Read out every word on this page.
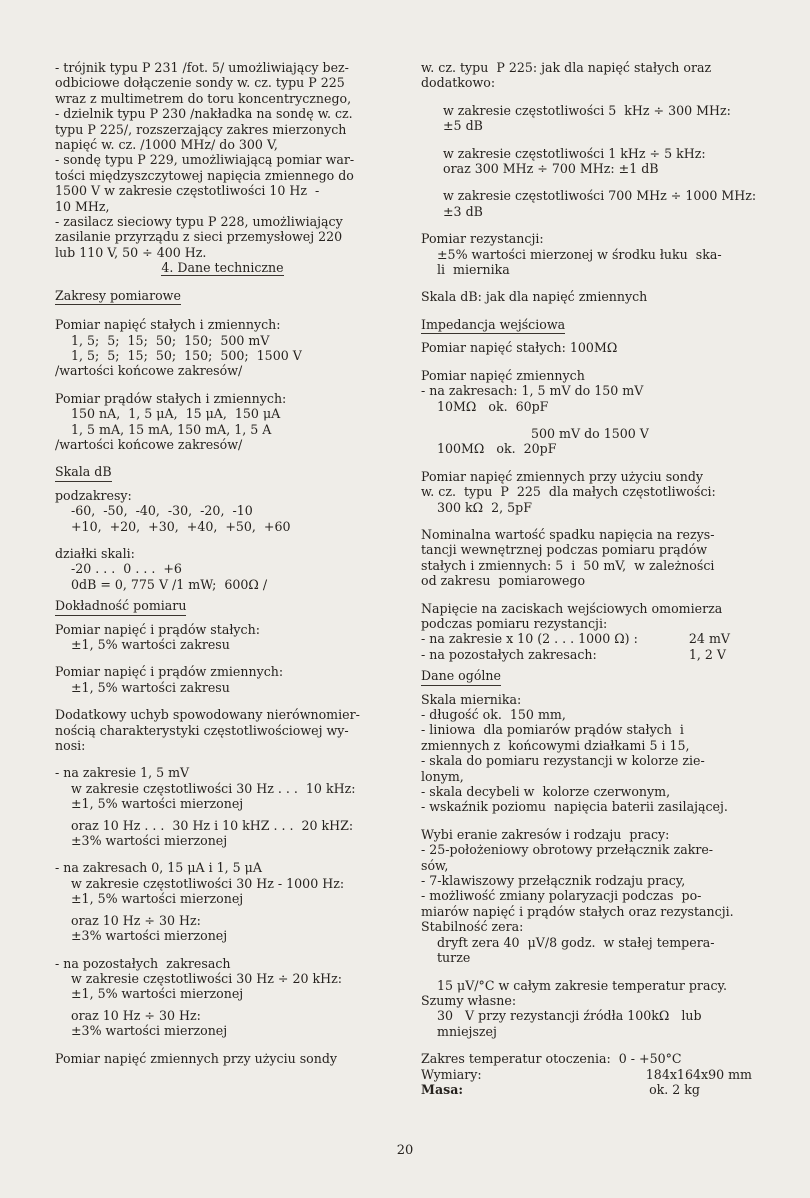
- trójnik typu P 231 /fot. 5/ umożliwiający bez-

odbiciowe dołączenie sondy w. cz. typu P 225

wraz z multimetrem do toru koncentrycznego,

- dzielnik typu P 230 /nakładka na sondę w. cz.

typu P 225/, rozszerzający zakres mierzonych

napięć w. cz. /1000 MHz/ do 300 V,

- sondę typu P 229, umożliwiającą pomiar war-

tości międzyszczytowej napięcia zmiennego do

1500 V w zakresie częstotliwości 10 Hz  -

10 MHz,

- zasilacz sieciowy typu P 228, umożliwiający

zasilanie przyrządu z sieci przemysłowej 220

lub 110 V, 50 ÷ 400 Hz.

4. Dane techniczne

Zakresy pomiarowe

Pomiar napięć stałych i zmiennych:

1, 5;  5;  15;  50;  150;  500 mV

1, 5;  5;  15;  50;  150;  500;  1500 V

/wartości końcowe zakresów/

Pomiar prądów stałych i zmiennych:

150 nA,  1, 5 μA,  15 μA,  150 μA

1, 5 mA, 15 mA, 150 mA, 1, 5 A

/wartości końcowe zakresów/

Skala dB

podzakresy:

-60,  -50,  -40,  -30,  -20,  -10

+10,  +20,  +30,  +40,  +50,  +60

działki skali:

-20 . . .  0 . . .  +6

0dB = 0, 775 V /1 mW;  600Ω /

Dokładność pomiaru

Pomiar napięć i prądów stałych:

±1, 5% wartości zakresu

Pomiar napięć i prądów zmiennych:

±1, 5% wartości zakresu

Dodatkowy uchyb spowodowany nierównomier-

nością charakterystyki częstotliwościowej wy-

nosi:

- na zakresie 1, 5 mV

w zakresie częstotliwości 30 Hz . . .  10 kHz:

±1, 5% wartości mierzonej

oraz 10 Hz . . .  30 Hz i 10 kHZ . . .  20 kHZ:

±3% wartości mierzonej

- na zakresach 0, 15 μA i 1, 5 μA

w zakresie częstotliwości 30 Hz - 1000 Hz:

±1, 5% wartości mierzonej

oraz 10 Hz ÷ 30 Hz:

±3% wartości mierzonej

- na pozostałych  zakresach

w zakresie częstotliwości 30 Hz ÷ 20 kHz:

±1, 5% wartości mierzonej

oraz 10 Hz ÷ 30 Hz:

±3% wartości mierzonej

Pomiar napięć zmiennych przy użyciu sondy

w. cz. typu  P 225: jak dla napięć stałych oraz

dodatkowo:

w zakresie częstotliwości 5  kHz ÷ 300 MHz:

±5 dB

w zakresie częstotliwości 1 kHz ÷ 5 kHz:

oraz 300 MHz ÷ 700 MHz: ±1 dB

w zakresie częstotliwości 700 MHz ÷ 1000 MHz:

±3 dB

Pomiar rezystancji:

±5% wartości mierzonej w środku łuku  ska-

li  miernika

Skala dB: jak dla napięć zmiennych

Impedancja wejściowa

Pomiar napięć stałych: 100MΩ

Pomiar napięć zmiennych

- na zakresach: 1, 5 mV do 150 mV

10MΩ   ok.  60pF

500 mV do 1500 V

100MΩ   ok.  20pF

Pomiar napięć zmiennych przy użyciu sondy

w. cz.  typu  P  225  dla małych częstotliwości:

300 kΩ  2, 5pF

Nominalna wartość spadku napięcia na rezys-

tancji wewnętrznej podczas pomiaru prądów

stałych i zmiennych: 5  i  50 mV,  w zależności

od zakresu  pomiarowego

Napięcie na zaciskach wejściowych omomierza

podczas pomiaru rezystancji:

- na zakresie x 10 (2 . . . 1000 Ω) :	24 mV
- na pozostałych zakresach:	1, 2 V

Dane ogólne

Skala miernika:

- długość ok.  150 mm,

- liniowa  dla pomiarów prądów stałych  i

zmiennych z  końcowymi działkami 5 i 15,

- skala do pomiaru rezystancji w kolorze zie-

lonym,

- skala decybeli w  kolorze czerwonym,

- wskaźnik poziomu  napięcia baterii zasilającej.

Wybi eranie zakresów i rodzaju  pracy:

- 25-położeniowy obrotowy przełącznik zakre-

sów,

- 7-klawiszowy przełącznik rodzaju pracy,

- możliwość zmiany polaryzacji podczas  po-

miarów napięć i prądów stałych oraz rezystancji.

Stabilność zera:

dryft zera 40  μV/8 godz.  w stałej tempera-

turze

15 μV/°C w całym zakresie temperatur pracy.

Szumy własne:

30   V przy rezystancji źródła 100kΩ   lub

mniejszej

Zakres temperatur otoczenia:  0 - +50°C

Wymiary:	184x164x90 mm
Masa:	ok. 2 kg
20
